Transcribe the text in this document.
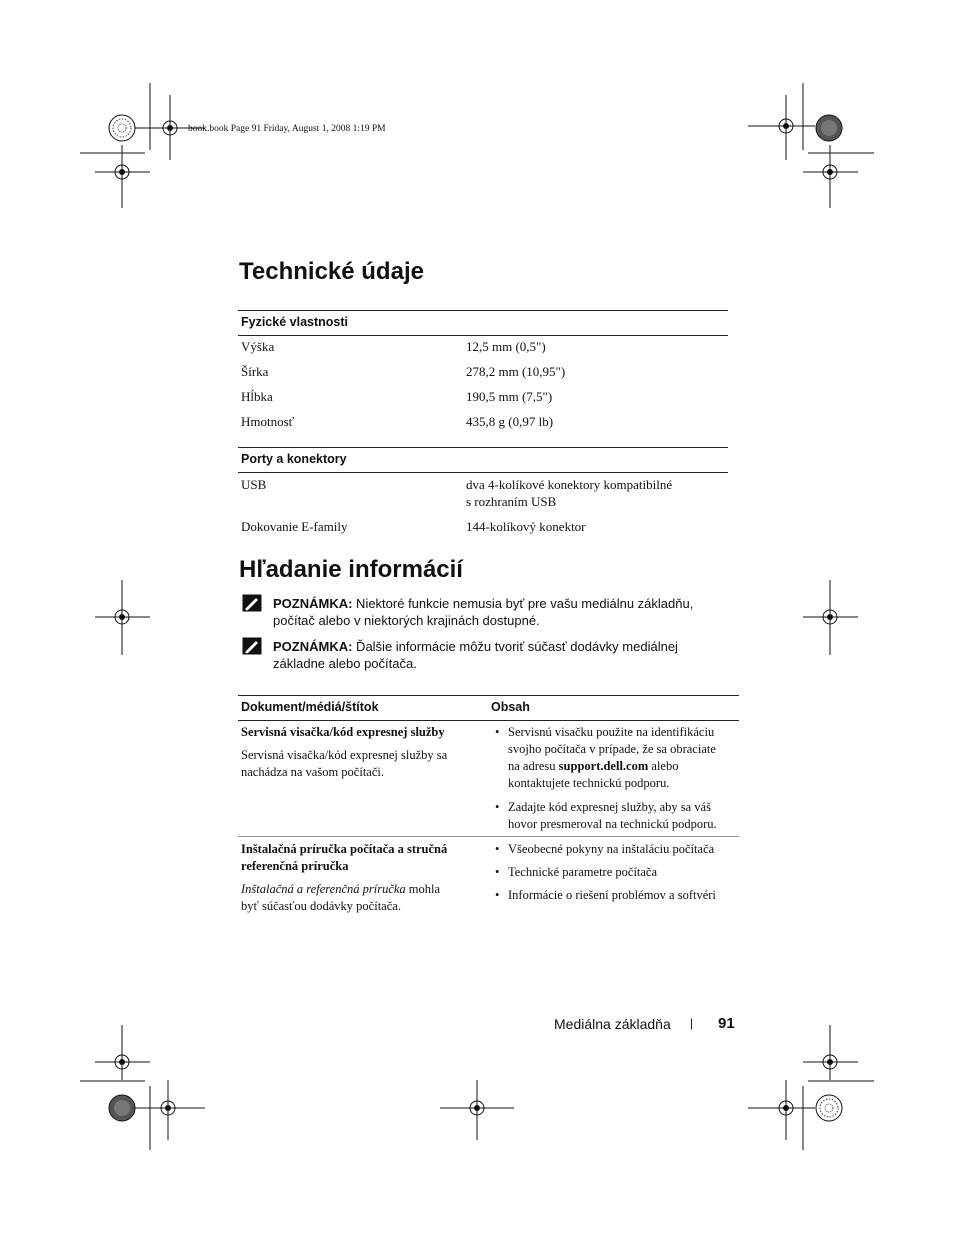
book.book Page 91 Friday, August 1, 2008 1:19 PM
Technické údaje
Fyzické vlastnosti
Výška	12,5 mm (0,5")
Šírka	278,2 mm (10,95")
Hĺbka	190,5 mm (7,5")
Hmotnosť	435,8 g (0,97 lb)
Porty a konektory
USB	dva 4-kolíkové konektory kompatibilné
s rozhraním USB
Dokovanie E-family	144-kolíkový konektor
Hľadanie informácií
POZNÁMKA: Niektoré funkcie nemusia byť pre vašu mediálnu základňu,
počítač alebo v niektorých krajinách dostupné.
POZNÁMKA: Ďalšie informácie môžu tvoriť súčasť dodávky mediálnej
základne alebo počítača.
Dokument/médiá/štítok	Obsah
Servisná visačka/kód expresnej služby
Servisná visačka/kód expresnej služby sa
nachádza na vašom počítači.
• Servisnú visačku použite na identifikáciu
svojho počítača v prípade, že sa obraciate
na adresu support.dell.com alebo
kontaktujete technickú podporu.
• Zadajte kód expresnej služby, aby sa váš
hovor presmeroval na technickú podporu.
Inštalačná príručka počítača a stručná
referenčná príručka
Inštalačná a referenčná príručka mohla
byť súčasťou dodávky počítača.
• Všeobecné pokyny na inštaláciu počítača
• Technické parametre počítača
• Informácie o riešení problémov a softvéri
Mediálna základňa | 91
